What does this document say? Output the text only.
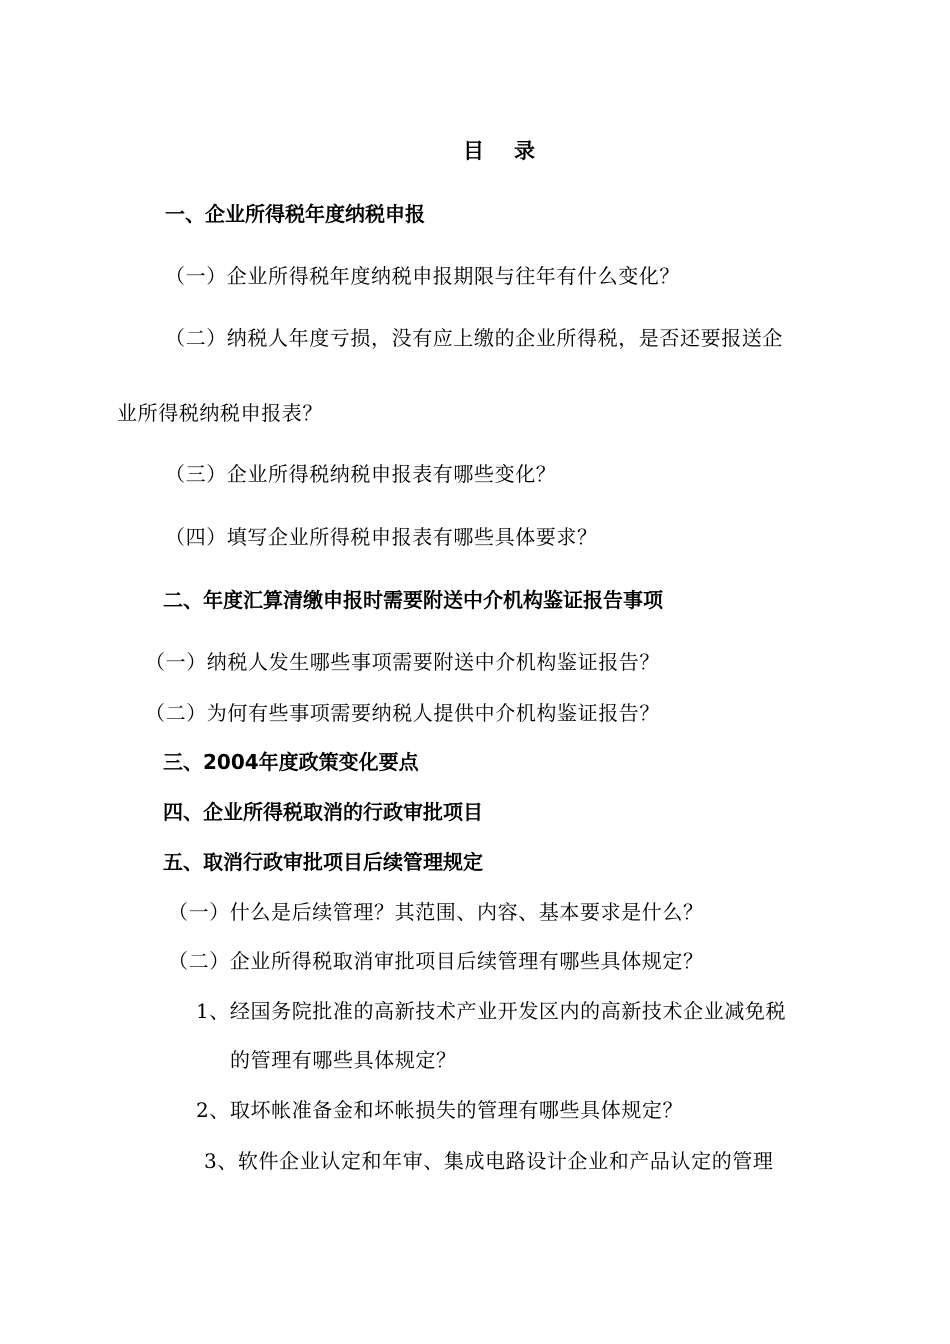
目录
一、企业所得税年度纳税申报
（一）企业所得税年度纳税申报期限与往年有什么变化？
（二）纳税人年度亏损，没有应上缴的企业所得税，是否还要报送企
业所得税纳税申报表？
（三）企业所得税纳税申报表有哪些变化？
（四）填写企业所得税申报表有哪些具体要求？
二、年度汇算清缴申报时需要附送中介机构鉴证报告事项
（一）纳税人发生哪些事项需要附送中介机构鉴证报告？
（二）为何有些事项需要纳税人提供中介机构鉴证报告？
三、2004年度政策变化要点
四、企业所得税取消的行政审批项目
五、取消行政审批项目后续管理规定
（一）什么是后续管理？其范围、内容、基本要求是什么？
（二）企业所得税取消审批项目后续管理有哪些具体规定？
1、经国务院批准的高新技术产业开发区内的高新技术企业减免税
的管理有哪些具体规定？
2、取坏帐准备金和坏帐损失的管理有哪些具体规定？
3、软件企业认定和年审、集成电路设计企业和产品认定的管理
